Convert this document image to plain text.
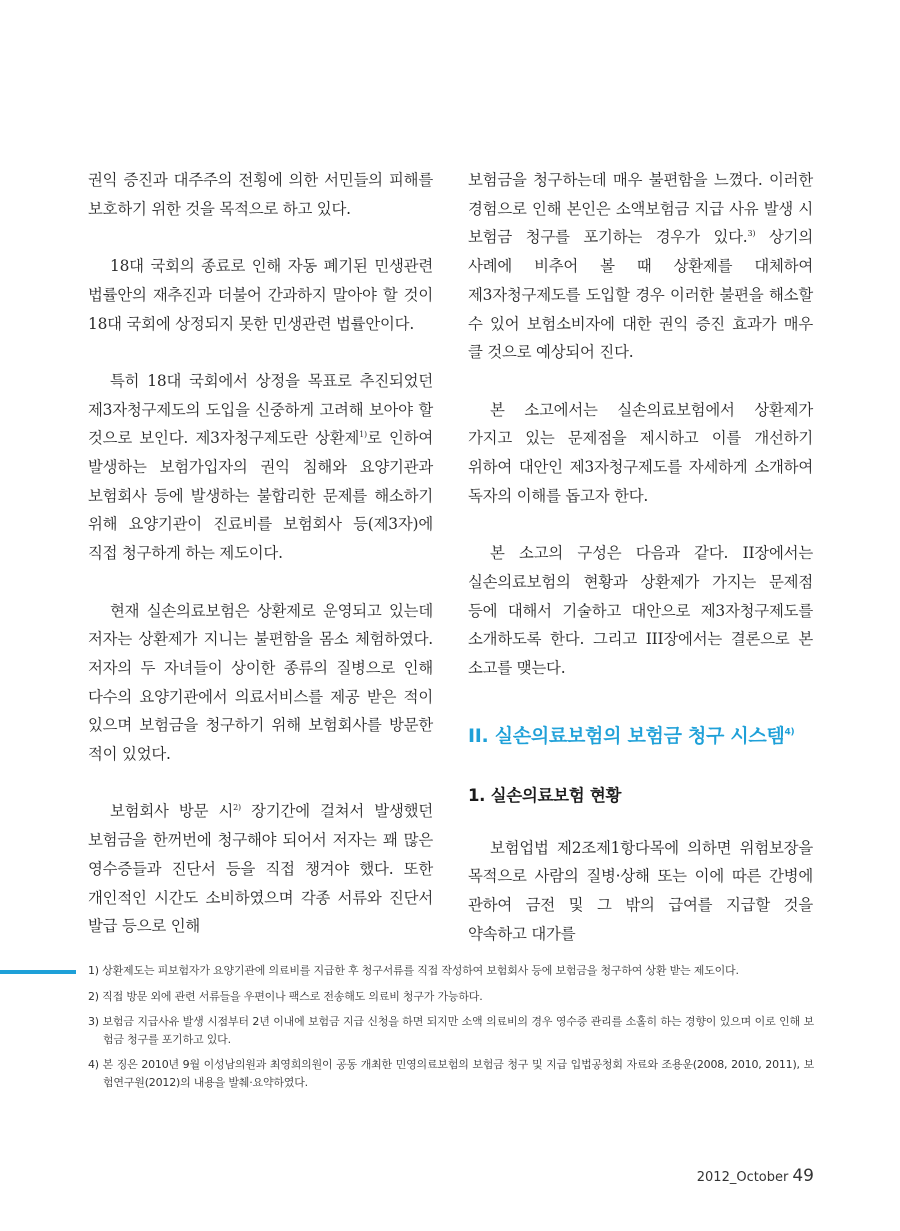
권익 증진과 대주주의 전횡에 의한 서민들의 피해를 보호하기 위한 것을 목적으로 하고 있다.

18대 국회의 종료로 인해 자동 폐기된 민생관련 법률안의 재추진과 더불어 간과하지 말아야 할 것이 18대 국회에 상정되지 못한 민생관련 법률안이다.

특히 18대 국회에서 상정을 목표로 추진되었던 제3자청구제도의 도입을 신중하게 고려해 보아야 할 것으로 보인다. 제3자청구제도란 상환제$^{1)}$로 인하여 발생하는 보험가입자의 권익 침해와 요양기관과 보험회사 등에 발생하는 불합리한 문제를 해소하기 위해 요양기관이 진료비를 보험회사 등(제3자)에 직접 청구하게 하는 제도이다.

현재 실손의료보험은 상환제로 운영되고 있는데 저자는 상환제가 지니는 불편함을 몸소 체험하였다. 저자의 두 자녀들이 상이한 종류의 질병으로 인해 다수의 요양기관에서 의료서비스를 제공 받은 적이 있으며 보험금을 청구하기 위해 보험회사를 방문한 적이 있었다.

보험회사 방문 시$^{2)}$ 장기간에 걸쳐서 발생했던 보험금을 한꺼번에 청구해야 되어서 저자는 꽤 많은 영수증들과 진단서 등을 직접 챙겨야 했다. 또한 개인적인 시간도 소비하였으며 각종 서류와 진단서 발급 등으로 인해

보험금을 청구하는데 매우 불편함을 느꼈다. 이러한 경험으로 인해 본인은 소액보험금 지급 사유 발생 시 보험금 청구를 포기하는 경우가 있다.$^{3)}$ 상기의 사례에 비추어 볼 때 상환제를 대체하여 제3자청구제도를 도입할 경우 이러한 불편을 해소할 수 있어 보험소비자에 대한 권익 증진 효과가 매우 클 것으로 예상되어 진다.

본 소고에서는 실손의료보험에서 상환제가 가지고 있는 문제점을 제시하고 이를 개선하기 위하여 대안인 제3자청구제도를 자세하게 소개하여 독자의 이해를 돕고자 한다.

본 소고의 구성은 다음과 같다. II장에서는 실손의료보험의 현황과 상환제가 가지는 문제점 등에 대해서 기술하고 대안으로 제3자청구제도를 소개하도록 한다. 그리고 III장에서는 결론으로 본 소고를 맺는다.

II. 실손의료보험의 보험금 청구 시스템$^{4)}$
1. 실손의료보험 현황

보험업법 제2조제1항다목에 의하면 위험보장을 목적으로 사람의 질병·상해 또는 이에 따른 간병에 관하여 금전 및 그 밖의 급여를 지급할 것을 약속하고 대가를

1) 상환제도는 피보험자가 요양기관에 의료비를 지급한 후 청구서류를 직접 작성하여 보험회사 등에 보험금을 청구하여 상환 받는 제도이다.

2) 직접 방문 외에 관련 서류들을 우편이나 팩스로 전송해도 의료비 청구가 가능하다.

3) 보험금 지급사유 발생 시점부터 2년 이내에 보험금 지급 신청을 하면 되지만 소액 의료비의 경우 영수증 관리를 소홀히 하는 경향이 있으며 이로 인해 보험금 청구를 포기하고 있다.

4) 본 징은 2010년 9월 이성남의원과 최영희의원이 공동 개최한 민영의료보험의 보험금 청구 및 지급 입법공청회 자료와 조용운(2008, 2010, 2011), 보험연구원(2012)의 내용을 발췌·요약하였다.

2012_October 49
